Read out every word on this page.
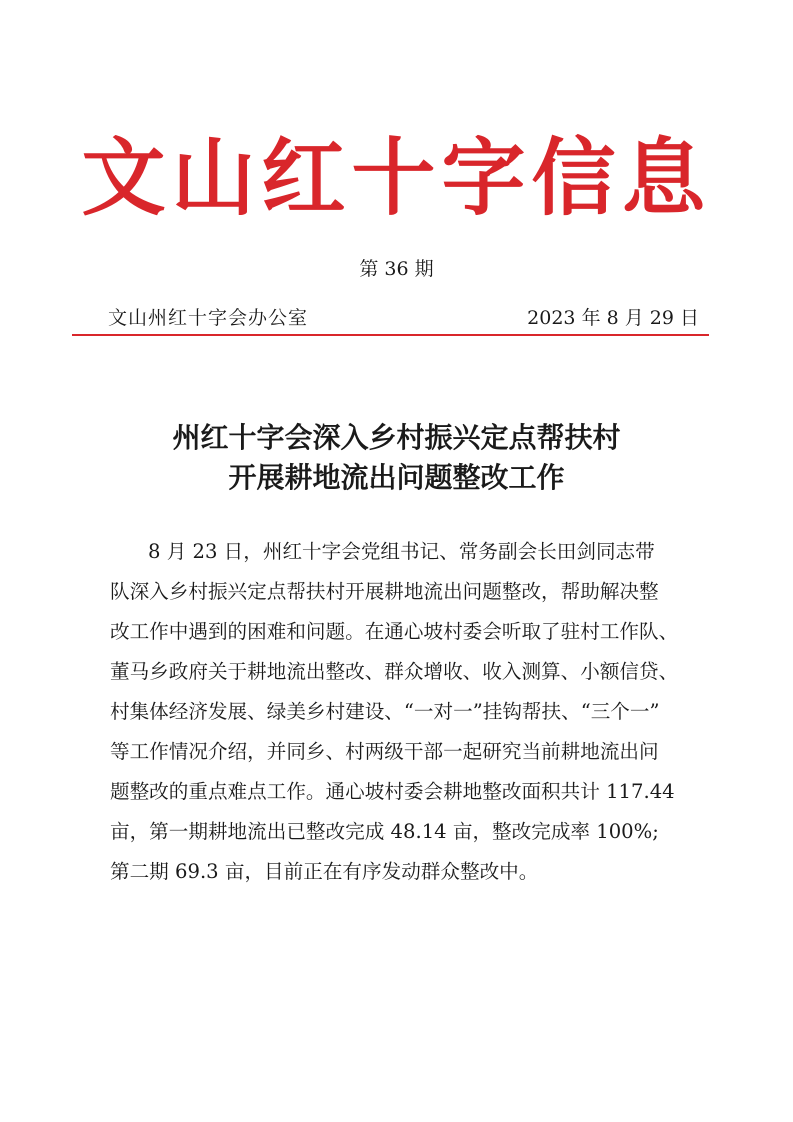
文山红十字信息
第 36 期
文山州红十字会办公室	2023 年 8 月 29 日
州红十字会深入乡村振兴定点帮扶村
开展耕地流出问题整改工作
8 月 23 日，州红十字会党组书记、常务副会长田剑同志带
队深入乡村振兴定点帮扶村开展耕地流出问题整改，帮助解决整
改工作中遇到的困难和问题。在通心坡村委会听取了驻村工作队、
董马乡政府关于耕地流出整改、群众增收、收入测算、小额信贷、
村集体经济发展、绿美乡村建设、“一对一”挂钩帮扶、“三个一”
等工作情况介绍，并同乡、村两级干部一起研究当前耕地流出问
题整改的重点难点工作。通心坡村委会耕地整改面积共计 117.44
亩，第一期耕地流出已整改完成 48.14 亩，整改完成率 100%;
第二期 69.3 亩，目前正在有序发动群众整改中。
